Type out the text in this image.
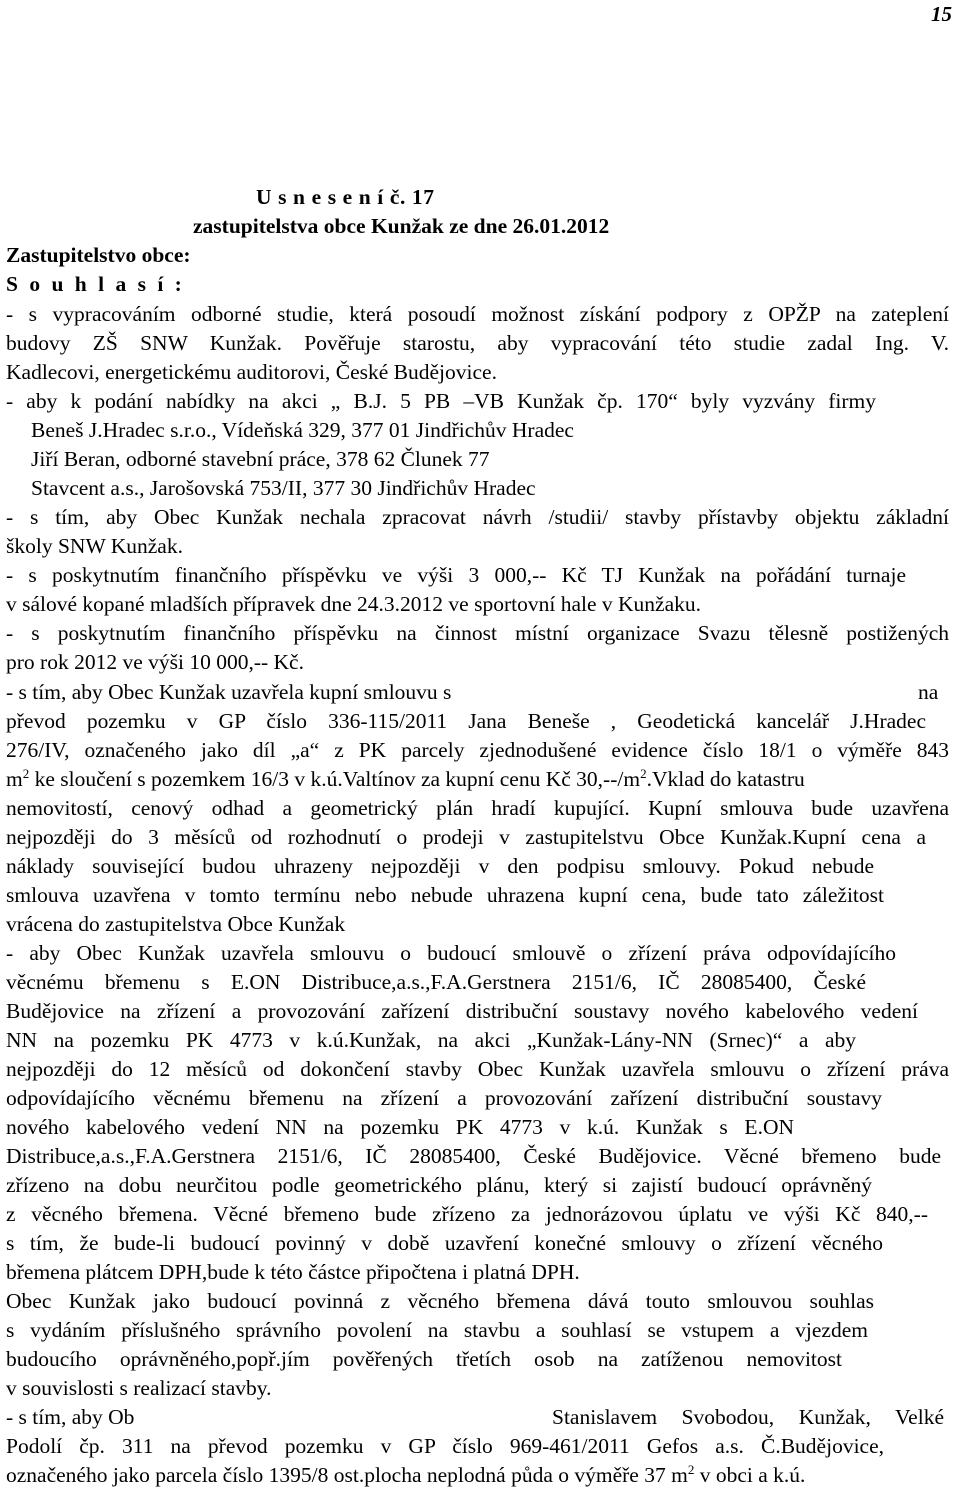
15
U s n e s e n í č. 17
zastupitelstva obce Kunžak ze dne 26.01.2012
Zastupitelstvo obce:
S o u h l a s í :
- s vypracováním odborné studie, která posoudí možnost získání podpory z OPŽP na zateplení
budovy ZŠ SNW Kunžak. Pověřuje starostu, aby vypracování této studie zadal Ing. V.
Kadlecovi, energetickému auditorovi, České Budějovice.
- aby k podání nabídky na akci „ B.J. 5 PB –VB Kunžak čp. 170“ byly vyzvány firmy
Beneš J.Hradec s.r.o., Vídeňská 329, 377 01 Jindřichův Hradec
Jiří Beran, odborné stavební práce, 378 62 Člunek 77
Stavcent a.s., Jarošovská 753/II, 377 30 Jindřichův Hradec
- s tím, aby Obec Kunžak nechala zpracovat návrh /studii/ stavby přístavby objektu základní
školy SNW Kunžak.
- s poskytnutím finančního příspěvku ve výši 3 000,-- Kč TJ Kunžak na pořádání turnaje
v sálové kopané mladších přípravek dne 24.3.2012 ve sportovní hale v Kunžaku.
- s poskytnutím finančního příspěvku na činnost místní organizace Svazu tělesně postižených
pro rok 2012 ve výši 10 000,-- Kč.
- s tím, aby Obec Kunžak uzavřela kupní smlouvu s	na
převod pozemku v GP číslo 336-115/2011 Jana Beneše , Geodetická kancelář J.Hradec
276/IV, označeného jako díl „a“ z PK parcely zjednodušené evidence číslo 18/1 o výměře 843
$m^2$ ke sloučení s pozemkem 16/3 v k.ú.Valtínov za kupní cenu Kč $30,--/m^2.Vklad$ do katastru
nemovitostí, cenový odhad a geometrický plán hradí kupující. Kupní smlouva bude uzavřena
nejpozději do 3 měsíců od rozhodnutí o prodeji v zastupitelstvu Obce Kunžak.Kupní cena a
náklady související budou uhrazeny nejpozději v den podpisu smlouvy. Pokud nebude
smlouva uzavřena v tomto termínu nebo nebude uhrazena kupní cena, bude tato záležitost
vrácena do zastupitelstva Obce Kunžak
- aby Obec Kunžak uzavřela smlouvu o budoucí smlouvě o zřízení práva odpovídajícího
věcnému břemenu s E.ON Distribuce,a.s.,F.A.Gerstnera 2151/6, IČ 28085400, České
Budějovice na zřízení a provozování zařízení distribuční soustavy nového kabelového vedení
NN na pozemku PK 4773 v k.ú.Kunžak, na akci „Kunžak-Lány-NN (Srnec)“ a aby
nejpozději do 12 měsíců od dokončení stavby Obec Kunžak uzavřela smlouvu o zřízení práva
odpovídajícího věcnému břemenu na zřízení a provozování zařízení distribuční soustavy
nového kabelového vedení NN na pozemku PK 4773 v k.ú. Kunžak s E.ON
Distribuce,a.s.,F.A.Gerstnera 2151/6, IČ 28085400, České Budějovice. Věcné břemeno bude
zřízeno na dobu neurčitou podle geometrického plánu, který si zajistí budoucí oprávněný
z věcného břemena. Věcné břemeno bude zřízeno za jednorázovou úplatu ve výši Kč 840,--
s tím, že bude-li budoucí povinný v době uzavření konečné smlouvy o zřízení věcného
břemena plátcem DPH,bude k této částce připočtena i platná DPH.
Obec Kunžak jako budoucí povinná z věcného břemena dává touto smlouvou souhlas
s vydáním příslušného správního povolení na stavbu a souhlasí se vstupem a vjezdem
budoucího oprávněného,popř.jím pověřených třetích osob na zatíženou nemovitost
v souvislosti s realizací stavby.
- s tím, aby Ob	Stanislavem Svobodou, Kunžak, Velké
Podolí čp. 311 na převod pozemku v GP číslo 969-461/2011 Gefos a.s. Č.Budějovice,
označeného jako parcela číslo 1395/8 ost.plocha neplodná půda o výměře 37 $m^2$ v obci a k.ú.
